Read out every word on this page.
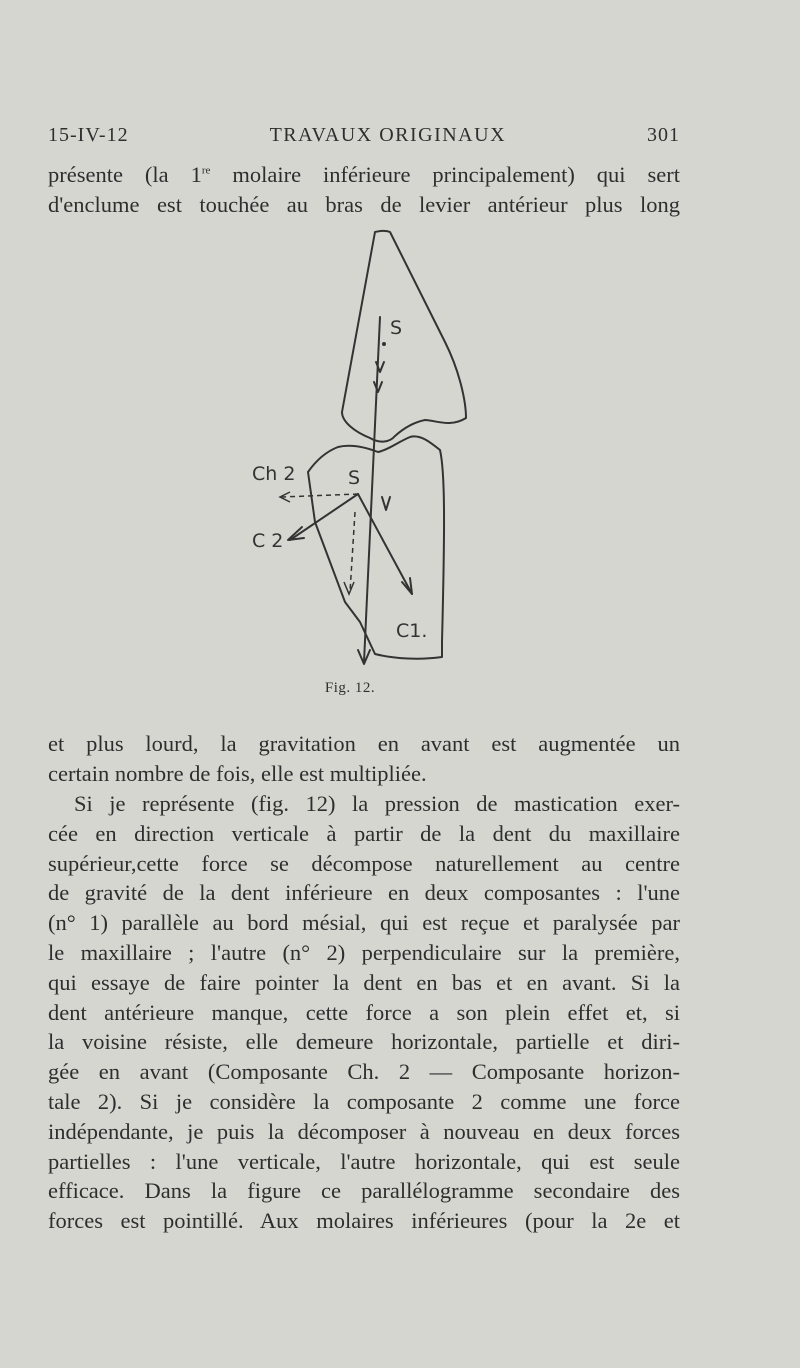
15-IV-12	TRAVAUX ORIGINAUX	301
présente (la 1re molaire inférieure principalement) qui sert
d'enclume est touchée au bras de levier antérieur plus long
S
S
Ch 2
C 2
C1.
Fig. 12.
et plus lourd, la gravitation en avant est augmentée un
certain nombre de fois, elle est multipliée.
Si je représente (fig. 12) la pression de mastication exer-
cée en direction verticale à partir de la dent du maxillaire
supérieur,cette force se décompose naturellement au centre
de gravité de la dent inférieure en deux composantes : l'une
(n° 1) parallèle au bord mésial, qui est reçue et paralysée par
le maxillaire ; l'autre (n° 2) perpendiculaire sur la première,
qui essaye de faire pointer la dent en bas et en avant. Si la
dent antérieure manque, cette force a son plein effet et, si
la voisine résiste, elle demeure horizontale, partielle et diri-
gée en avant (Composante Ch. 2 — Composante horizon-
tale 2). Si je considère la composante 2 comme une force
indépendante, je puis la décomposer à nouveau en deux forces
partielles : l'une verticale, l'autre horizontale, qui est seule
efficace. Dans la figure ce parallélogramme secondaire des
forces est pointillé. Aux molaires inférieures (pour la 2e et
